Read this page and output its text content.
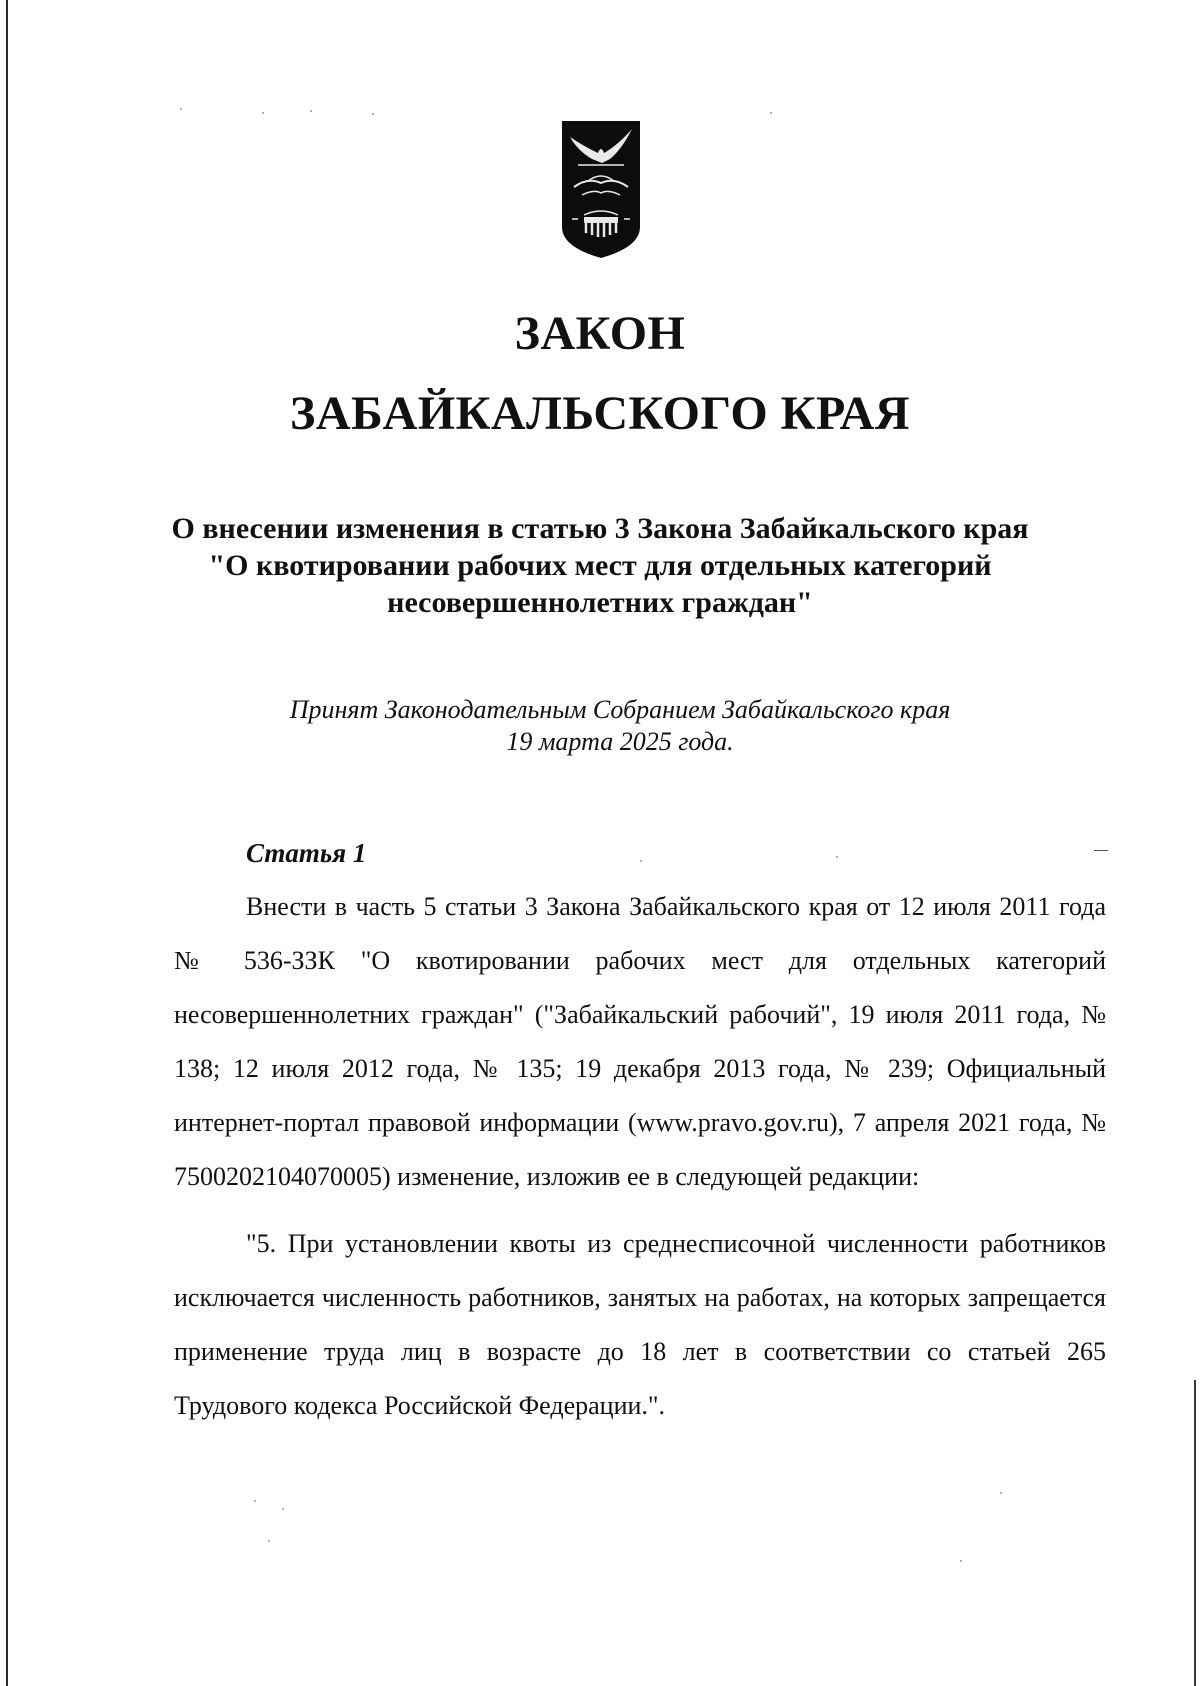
ЗАКОН
ЗАБАЙКАЛЬСКОГО КРАЯ
О внесении изменения в статью 3 Закона Забайкальского края
"О квотировании рабочих мест для отдельных категорий
несовершеннолетних граждан"

Принят Законодательным Собранием Забайкальского края
19 марта 2025 года.

Статья 1

Внести в часть 5 статьи 3 Закона Забайкальского края от 12 июля 2011 года № 536-ЗЗК "О квотировании рабочих мест для отдельных категорий несовершеннолетних граждан" ("Забайкальский рабочий", 19 июля 2011 года, № 138; 12 июля 2012 года, № 135; 19 декабря 2013 года, № 239; Официальный интернет-портал правовой информации (www.pravo.gov.ru), 7 апреля 2021 года, № 7500202104070005) изменение, изложив ее в следующей редакции:

"5. При установлении квоты из среднесписочной численности работников исключается численность работников, занятых на работах, на которых запрещается применение труда лиц в возрасте до 18 лет в соответствии со статьей 265 Трудового кодекса Российской Федерации.".
